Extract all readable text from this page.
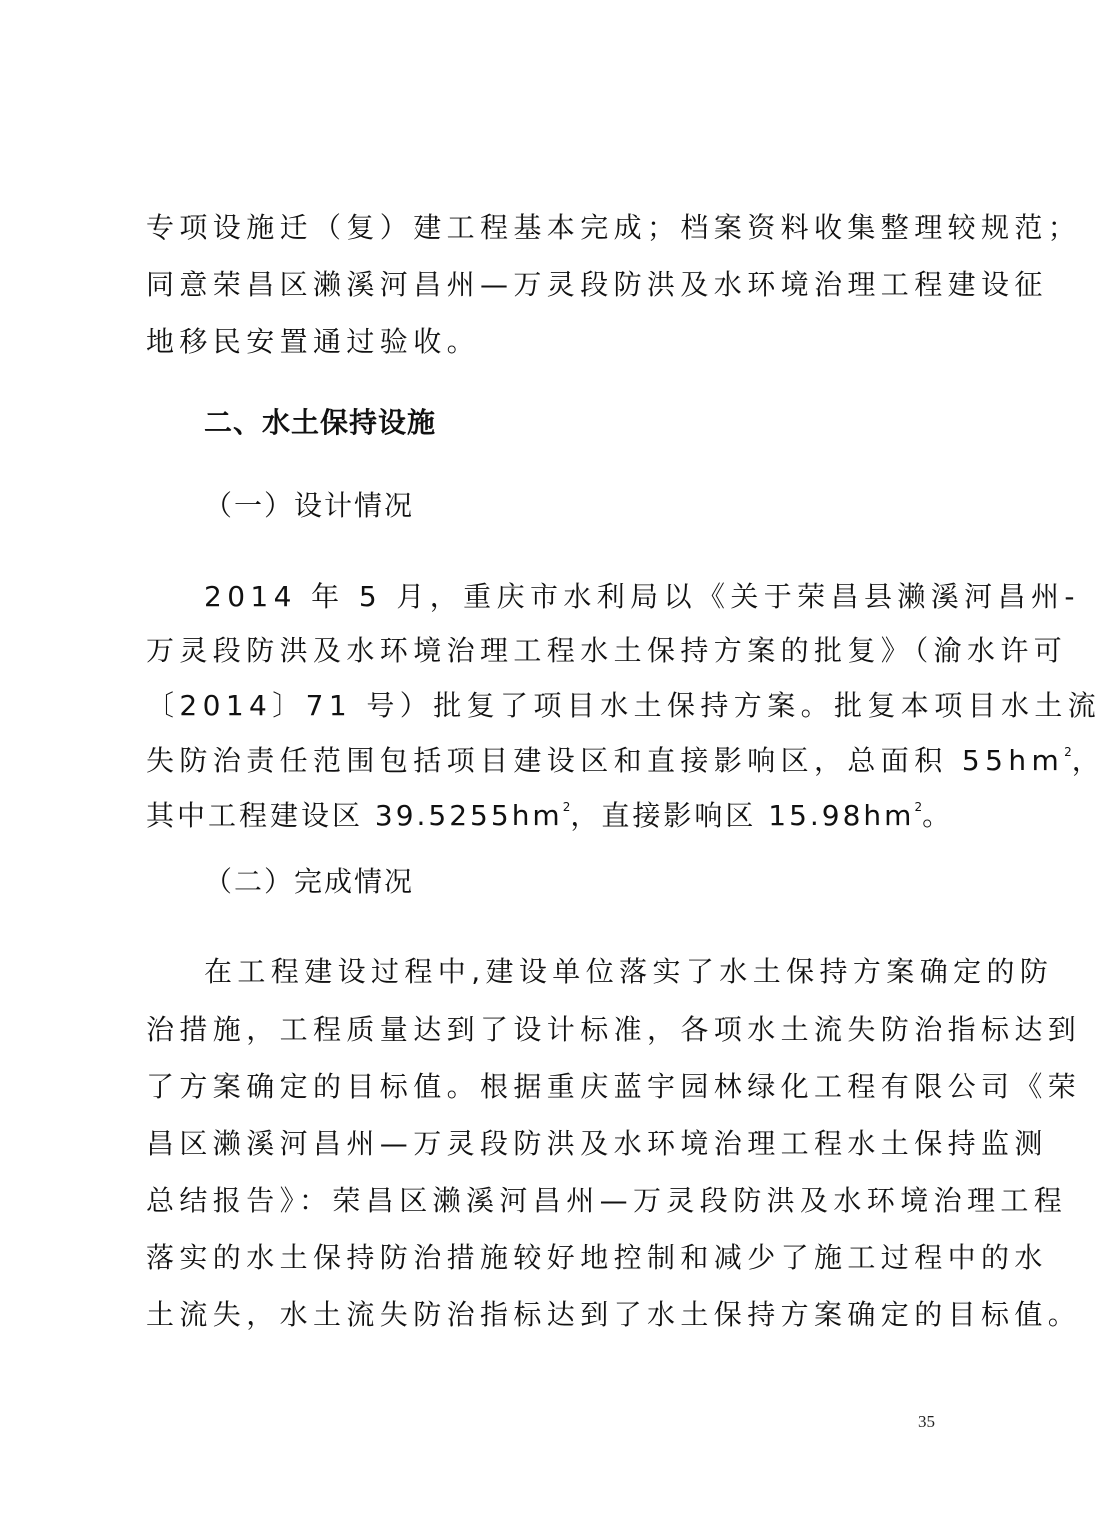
专项设施迁（复）建工程基本完成；档案资料收集整理较规范；
同意荣昌区濑溪河昌州—万灵段防洪及水环境治理工程建设征
地移民安置通过验收。
二、水土保持设施
（一）设计情况
2014 年 5 月，重庆市水利局以《关于荣昌县濑溪河昌州-
万灵段防洪及水环境治理工程水土保持方案的批复》（渝水许可
〔2014〕71 号）批复了项目水土保持方案。批复本项目水土流
失防治责任范围包括项目建设区和直接影响区，总面积 $55hm^2$，
其中工程建设区 $39.5255hm^2$，直接影响区 $15.98hm^2$。
（二）完成情况
在工程建设过程中,建设单位落实了水土保持方案确定的防
治措施，工程质量达到了设计标准，各项水土流失防治指标达到
了方案确定的目标值。根据重庆蓝宇园林绿化工程有限公司《荣
昌区濑溪河昌州—万灵段防洪及水环境治理工程水土保持监测
总结报告》：荣昌区濑溪河昌州—万灵段防洪及水环境治理工程
落实的水土保持防治措施较好地控制和减少了施工过程中的水
土流失，水土流失防治指标达到了水土保持方案确定的目标值。
35
